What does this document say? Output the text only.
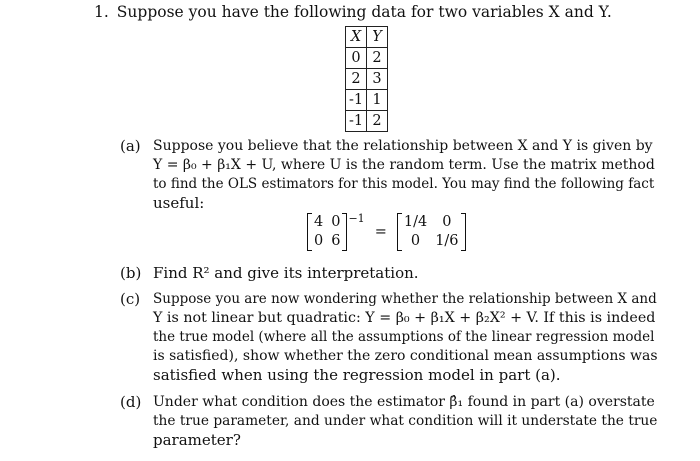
1. Suppose you have the following data for two variables X and Y.
X	Y
0	2
2	3
-1	1
-1	2
(a) Suppose you believe that the relationship between X and Y is given by
Y = β₀ + β₁X + U, where U is the random term. Use the matrix method
to find the OLS estimators for this model. You may find the following fact
useful:
4 0
0 6
−1
=
1/4	0
0	1/6
(b) Find R² and give its interpretation.
(c) Suppose you are now wondering whether the relationship between X and
Y is not linear but quadratic: Y = β₀ + β₁X + β₂X² + V. If this is indeed
the true model (where all the assumptions of the linear regression model
is satisfied), show whether the zero conditional mean assumptions was
satisfied when using the regression model in part (a).
(d) Under what condition does the estimator β̂₁ found in part (a) overstate
the true parameter, and under what condition will it understate the true
parameter?
